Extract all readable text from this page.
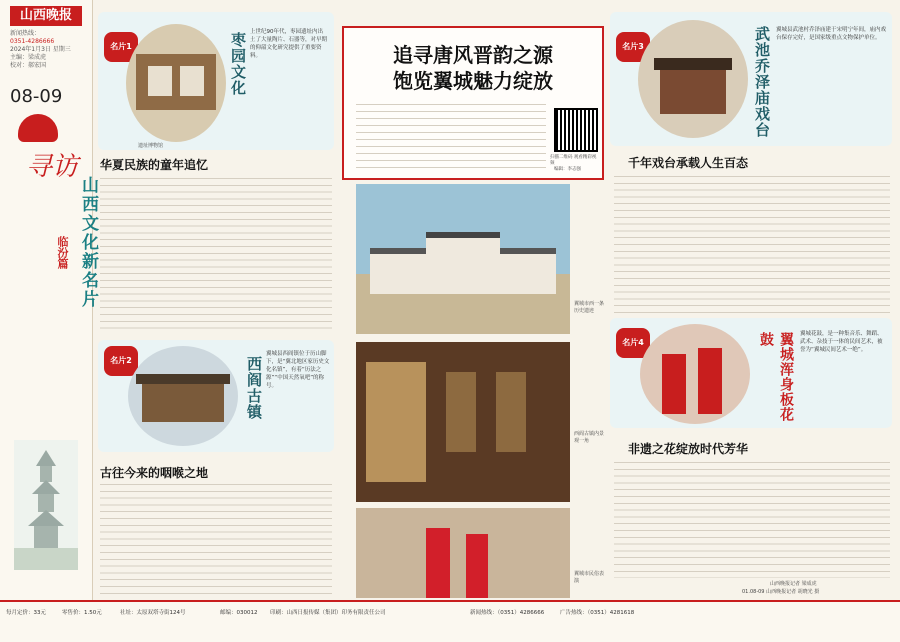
山西晚报
新闻热线：
0351-4286666
2024年1月3日 星期三
主编：梁成虎
校对：郝宏国
08-09
寻访
山西文化新名片
临汾篇
名片1
遗址博物馆
枣园文化 上世纪90年代，枣园遗址内出土了大量陶片、石器等，对早期的仰韶文化研究提供了重要资料。
华夏民族的童年追忆
名片2	西阎古镇
翼城县西阎镇位于历山脚下，是“翼北地区家历史文化名镇”，有着“历法之源”“中国天然氧吧”的称号。
古往今来的咽喉之地
追寻唐风晋韵之源
饱览翼城魅力绽放
扫描二维码 观看精彩视频
编辑：李志强
翼城市西一条历史遗迹
西阎古镇内景观一角
翼城市民俗表演
名片3	武池乔泽庙戏台 翼城县武池村乔泽庙建于宋明宁年间，庙内戏台保存完好，是国家级重点文物保护单位。
千年戏台承载人生百态
名片4	翼城浑身板花鼓	翼城花鼓，是一种集音乐、舞蹈、武术、杂技于一体的民间艺术，被誉为“翼城民间艺术一绝”。
非遗之花绽放时代芳华
山西晚报记者 梁成虎
01.08-09 山西晚报记者 胡晓光 摄
每月定价：33元	零售价：1.50元	社址：太原双塔寺街124号	邮编：030012 印刷：山西日报传媒（集团）印务有限责任公司	新闻热线：（0351）4286666	广告热线：（0351）4281618
